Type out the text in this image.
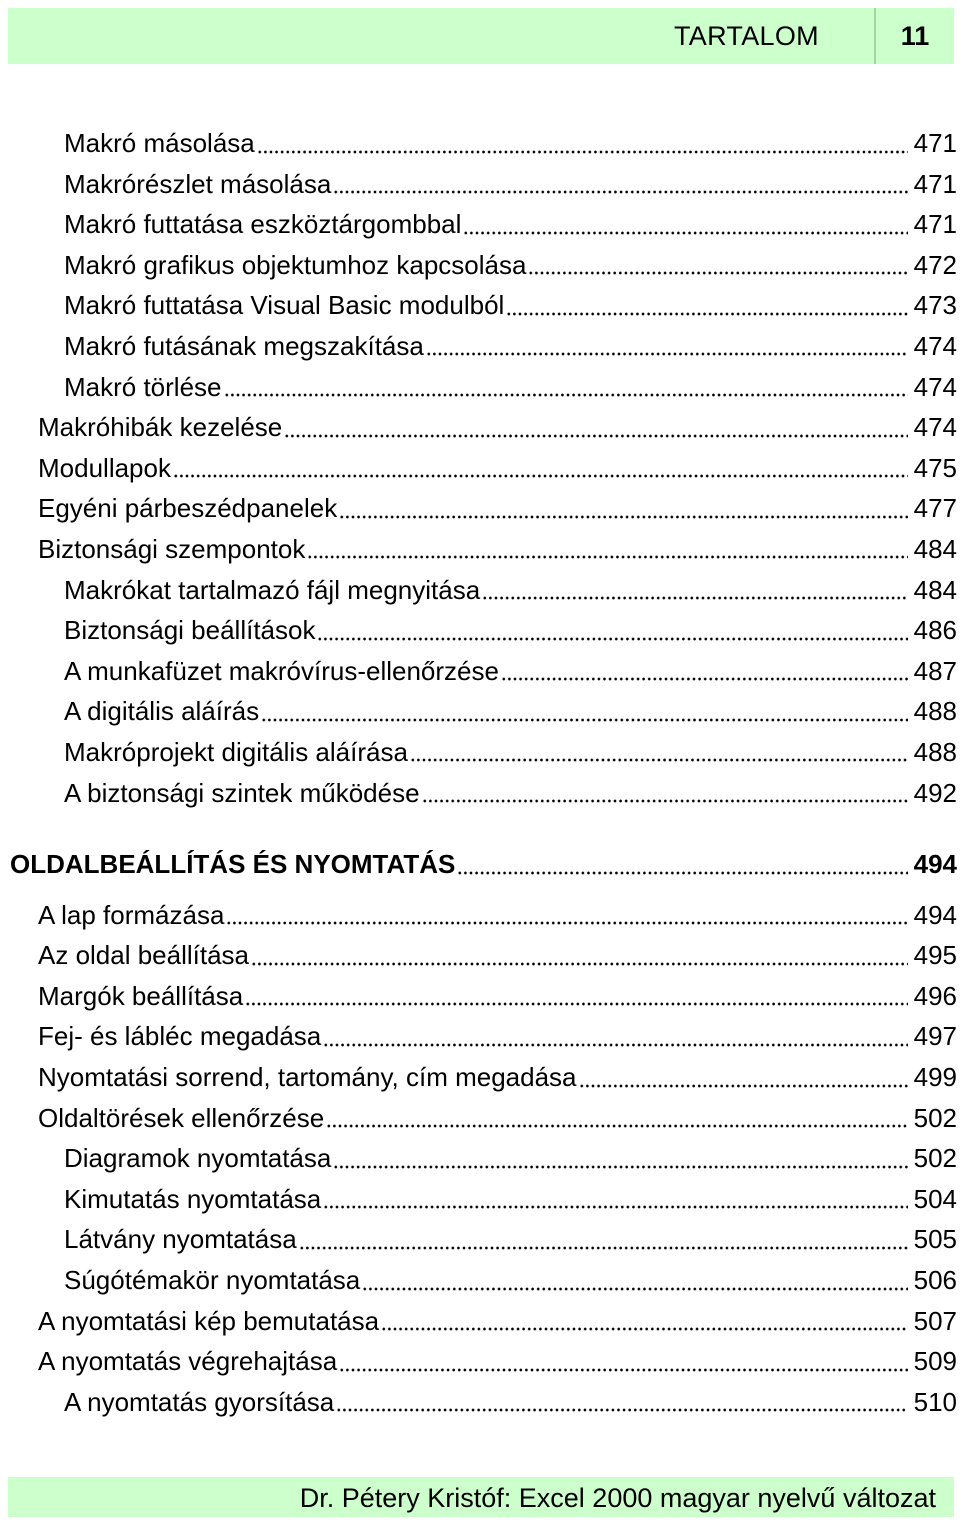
TARTALOM	11
Makró másolása	471
Makrórészlet másolása	471
Makró futtatása eszköztárgombbal	471
Makró grafikus objektumhoz kapcsolása	472
Makró futtatása Visual Basic modulból	473
Makró futásának megszakítása	474
Makró törlése	474
Makróhibák kezelése	474
Modullapok	475
Egyéni párbeszédpanelek	477
Biztonsági szempontok	484
Makrókat tartalmazó fájl megnyitása	484
Biztonsági beállítások	486
A munkafüzet makróvírus-ellenőrzése	487
A digitális aláírás	488
Makróprojekt digitális aláírása	488
A biztonsági szintek működése	492
OLDALBEÁLLÍTÁS ÉS NYOMTATÁS	494
A lap formázása	494
Az oldal beállítása	495
Margók beállítása	496
Fej- és lábléc megadása	497
Nyomtatási sorrend, tartomány, cím megadása	499
Oldaltörések ellenőrzése	502
Diagramok nyomtatása	502
Kimutatás nyomtatása	504
Látvány nyomtatása	505
Súgótémakör nyomtatása	506
A nyomtatási kép bemutatása	507
A nyomtatás végrehajtása	509
A nyomtatás gyorsítása	510
Dr. Pétery Kristóf: Excel 2000 magyar nyelvű változat
